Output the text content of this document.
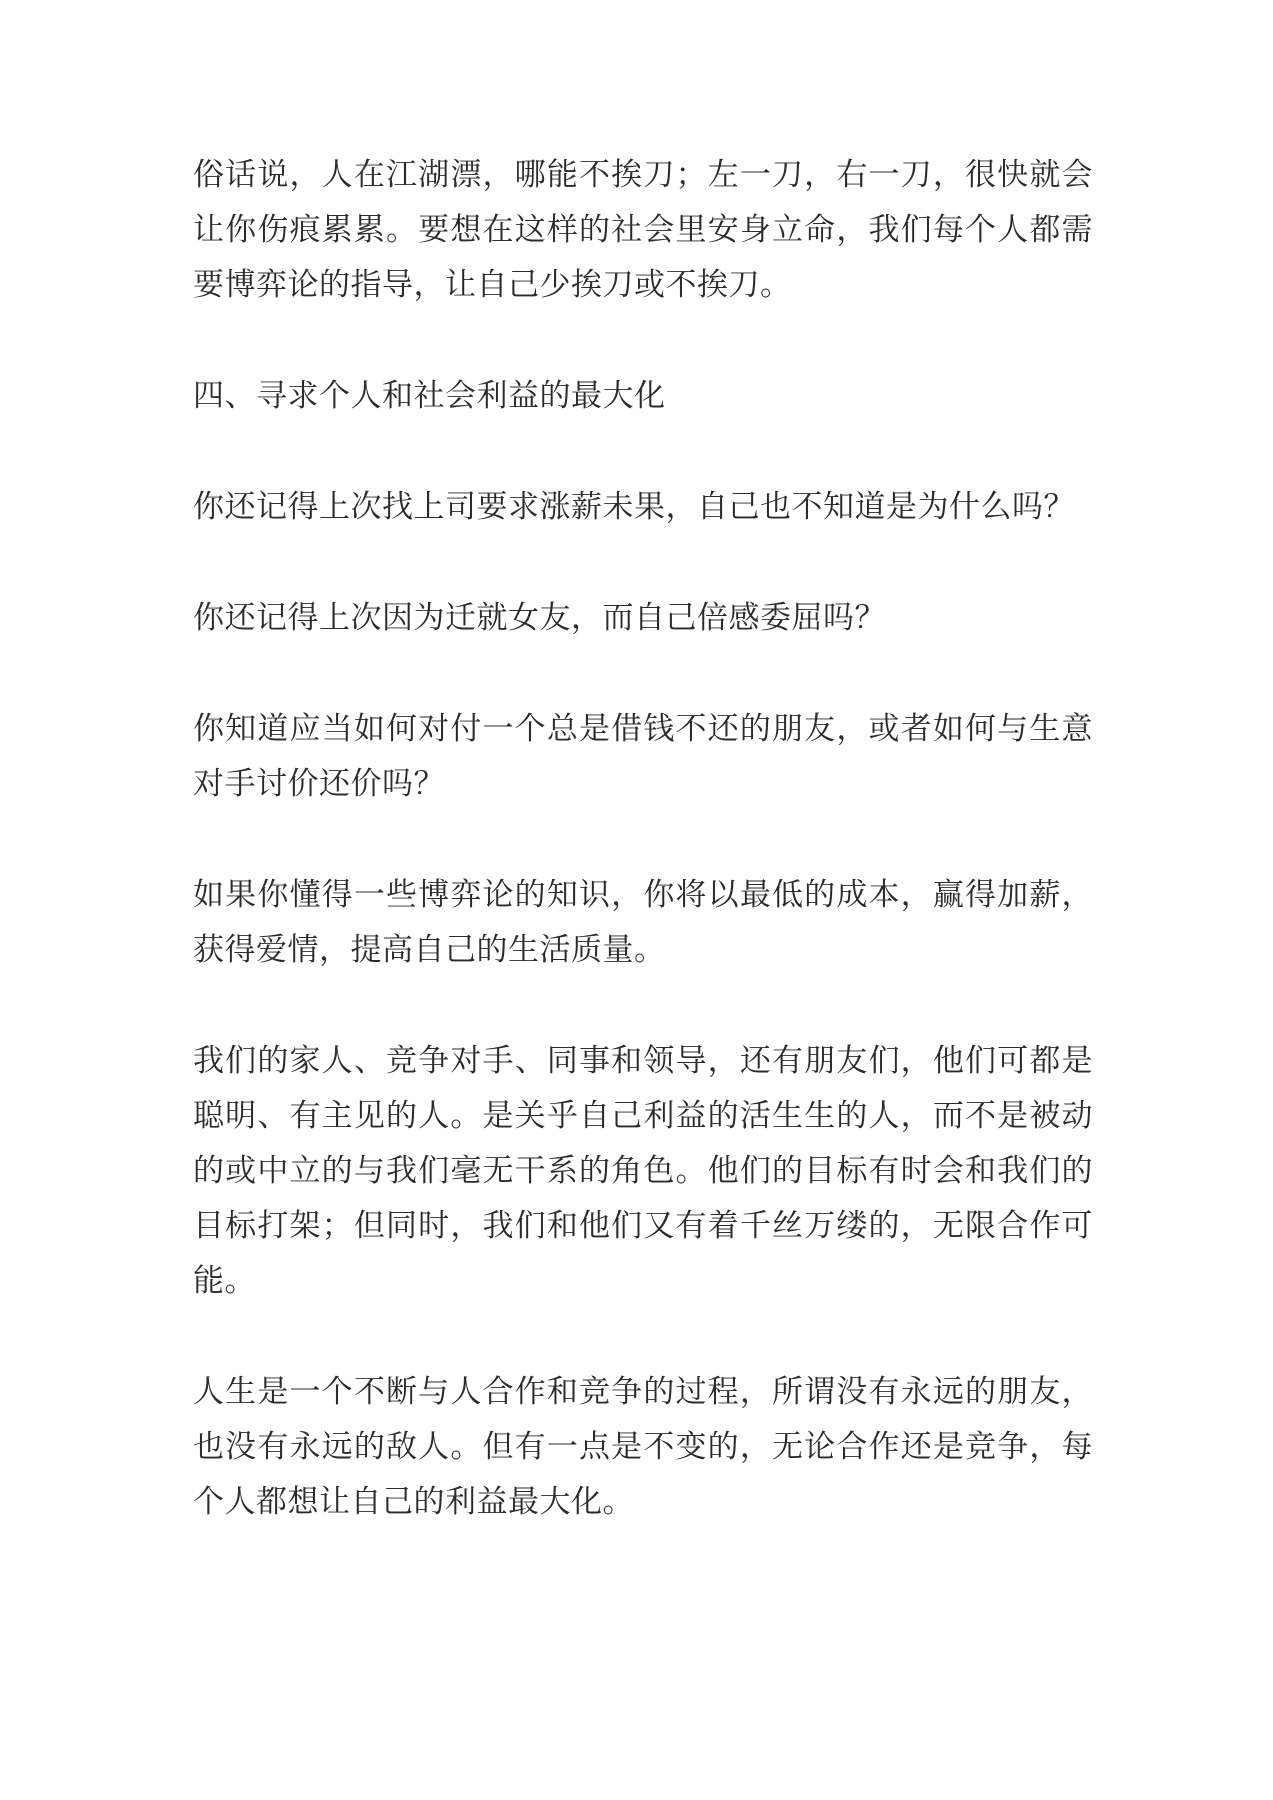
俗话说，人在江湖漂，哪能不挨刀；左一刀，右一刀，很快就会让你伤痕累累。要想在这样的社会里安身立命，我们每个人都需要博弈论的指导，让自己少挨刀或不挨刀。

四、寻求个人和社会利益的最大化

你还记得上次找上司要求涨薪未果，自己也不知道是为什么吗？

你还记得上次因为迁就女友，而自己倍感委屈吗？

你知道应当如何对付一个总是借钱不还的朋友，或者如何与生意对手讨价还价吗？

如果你懂得一些博弈论的知识，你将以最低的成本，赢得加薪，获得爱情，提高自己的生活质量。

我们的家人、竞争对手、同事和领导，还有朋友们，他们可都是聪明、有主见的人。是关乎自己利益的活生生的人，而不是被动的或中立的与我们毫无干系的角色。他们的目标有时会和我们的目标打架；但同时，我们和他们又有着千丝万缕的，无限合作可能。

人生是一个不断与人合作和竞争的过程，所谓没有永远的朋友，也没有永远的敌人。但有一点是不变的，无论合作还是竞争，每个人都想让自己的利益最大化。
